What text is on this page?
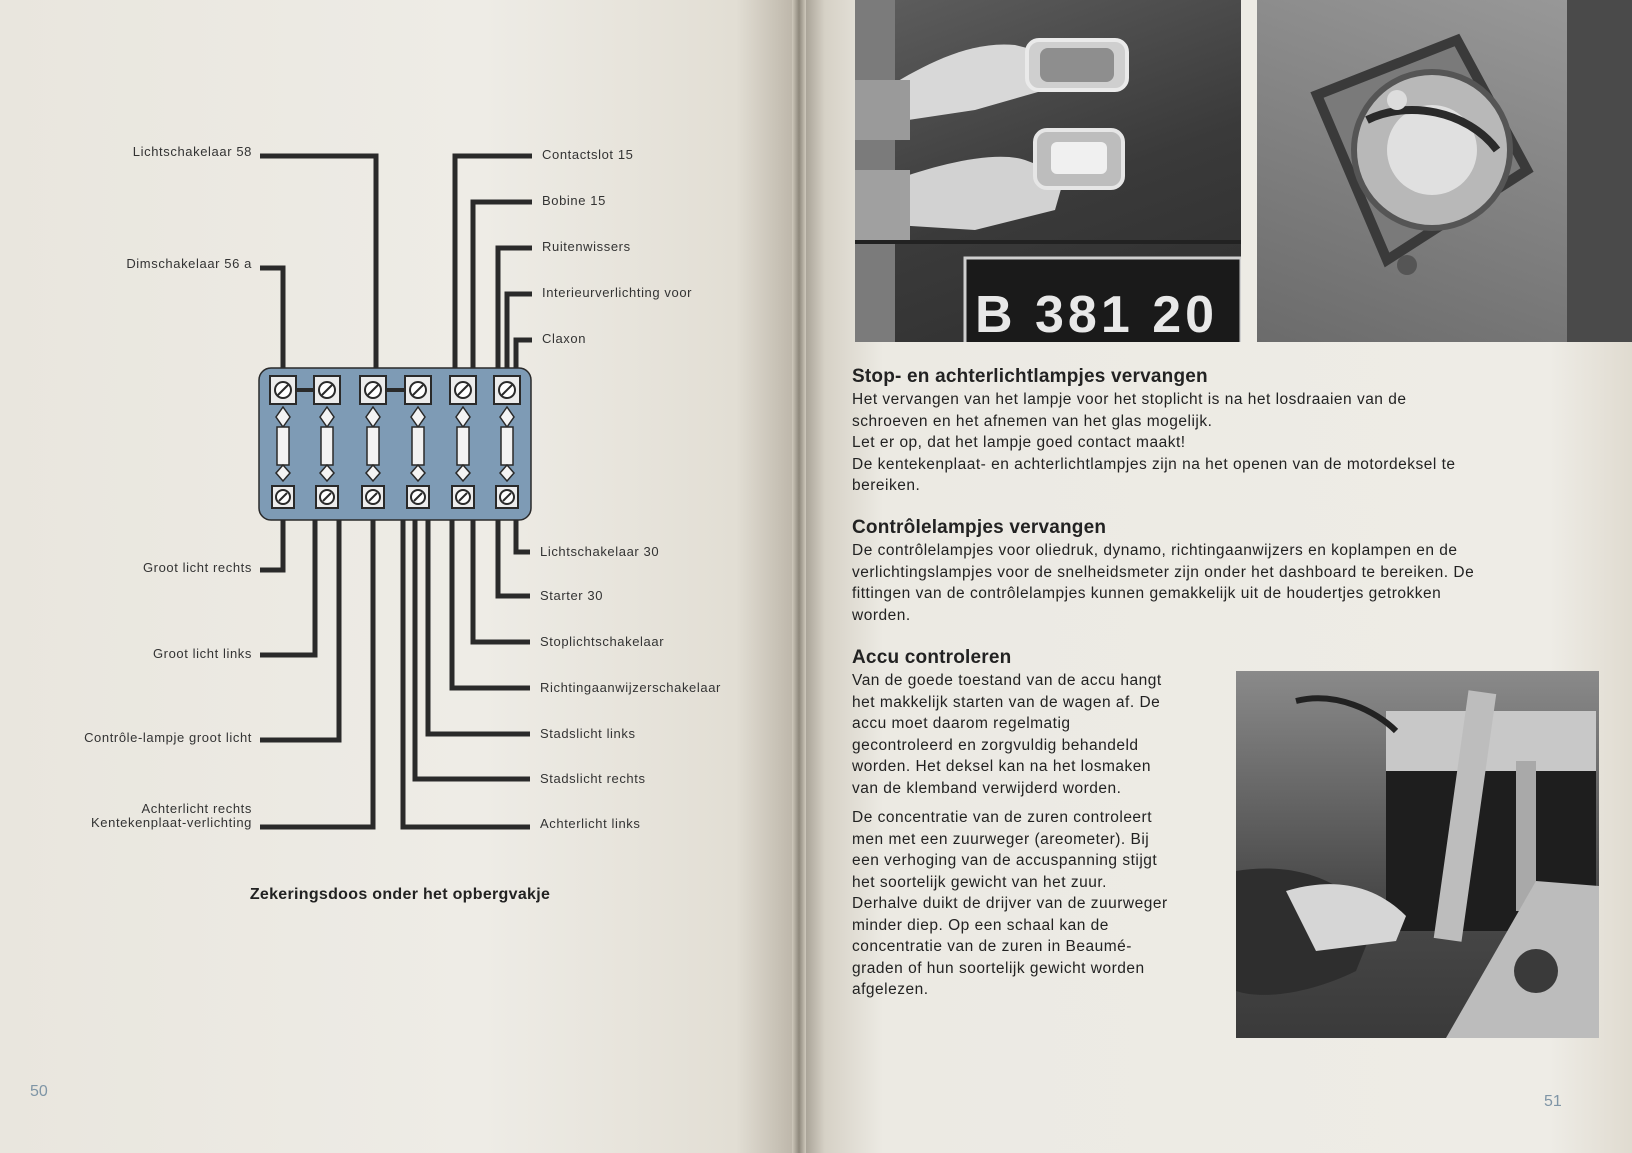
Lichtschakelaar 58
Dimschakelaar 56 a
Groot licht rechts
Groot licht links
Contrôle-lampje groot licht
Achterlicht rechts
Kentekenplaat-verlichting
Contactslot 15
Bobine 15
Ruitenwissers
Interieurverlichting voor
Claxon
Lichtschakelaar 30
Starter 30
Stoplichtschakelaar
Richtingaanwijzerschakelaar
Stadslicht links
Stadslicht rechts
Achterlicht links
Zekeringsdoos onder het opbergvakje
50
B 381 20
Stop- en achterlichtlampjes vervangen

Het vervangen van het lampje voor het stoplicht is na het losdraaien van de schroeven en het afnemen van het glas mogelijk.

Let er op, dat het lampje goed contact maakt!

De kentekenplaat- en achterlichtlampjes zijn na het openen van de motordeksel te bereiken.

Contrôlelampjes vervangen

De contrôlelampjes voor oliedruk, dynamo, richtingaanwijzers en koplampen en de verlichtingslampjes voor de snelheidsmeter zijn onder het dashboard te bereiken. De fittingen van de contrôlelampjes kunnen gemakkelijk uit de houdertjes getrokken worden.

Accu controleren

Van de goede toestand van de accu hangt het makkelijk starten van de wagen af. De accu moet daarom regelmatig gecontroleerd en zorgvuldig behandeld worden. Het deksel kan na het losmaken van de klemband verwijderd worden.

De concentratie van de zuren controleert men met een zuurweger (areometer). Bij een verhoging van de accuspanning stijgt het soortelijk gewicht van het zuur. Derhalve duikt de drijver van de zuurweger minder diep. Op een schaal kan de concentratie van de zuren in Beaumé-graden of hun soortelijk gewicht worden afgelezen.

51
